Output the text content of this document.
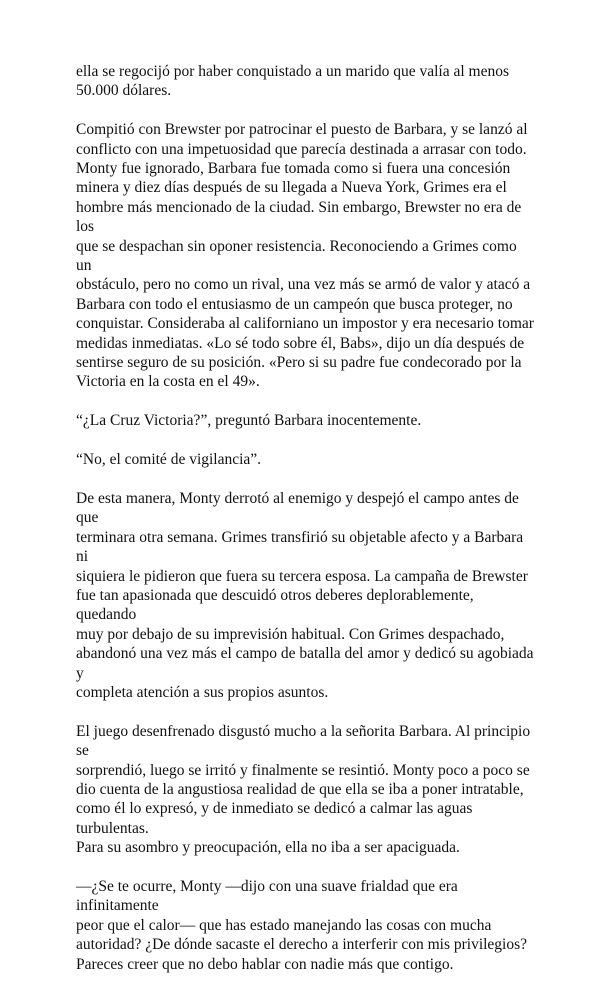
ella se regocijó por haber conquistado a un marido que valía al menos
50.000 dólares.

Compitió con Brewster por patrocinar el puesto de Barbara, y se lanzó al
conflicto con una impetuosidad que parecía destinada a arrasar con todo.
Monty fue ignorado, Barbara fue tomada como si fuera una concesión
minera y diez días después de su llegada a Nueva York, Grimes era el
hombre más mencionado de la ciudad. Sin embargo, Brewster no era de los
que se despachan sin oponer resistencia. Reconociendo a Grimes como un
obstáculo, pero no como un rival, una vez más se armó de valor y atacó a
Barbara con todo el entusiasmo de un campeón que busca proteger, no
conquistar. Consideraba al californiano un impostor y era necesario tomar
medidas inmediatas. «Lo sé todo sobre él, Babs», dijo un día después de
sentirse seguro de su posición. «Pero si su padre fue condecorado por la
Victoria en la costa en el 49».

“¿La Cruz Victoria?”, preguntó Barbara inocentemente.

“No, el comité de vigilancia”.

De esta manera, Monty derrotó al enemigo y despejó el campo antes de que
terminara otra semana. Grimes transfirió su objetable afecto y a Barbara ni
siquiera le pidieron que fuera su tercera esposa. La campaña de Brewster
fue tan apasionada que descuidó otros deberes deplorablemente, quedando
muy por debajo de su imprevisión habitual. Con Grimes despachado,
abandonó una vez más el campo de batalla del amor y dedicó su agobiada y
completa atención a sus propios asuntos.

El juego desenfrenado disgustó mucho a la señorita Barbara. Al principio se
sorprendió, luego se irritó y finalmente se resintió. Monty poco a poco se
dio cuenta de la angustiosa realidad de que ella se iba a poner intratable,
como él lo expresó, y de inmediato se dedicó a calmar las aguas turbulentas.
Para su asombro y preocupación, ella no iba a ser apaciguada.

—¿Se te ocurre, Monty —dijo con una suave frialdad que era infinitamente
peor que el calor— que has estado manejando las cosas con mucha
autoridad? ¿De dónde sacaste el derecho a interferir con mis privilegios?
Pareces creer que no debo hablar con nadie más que contigo.
